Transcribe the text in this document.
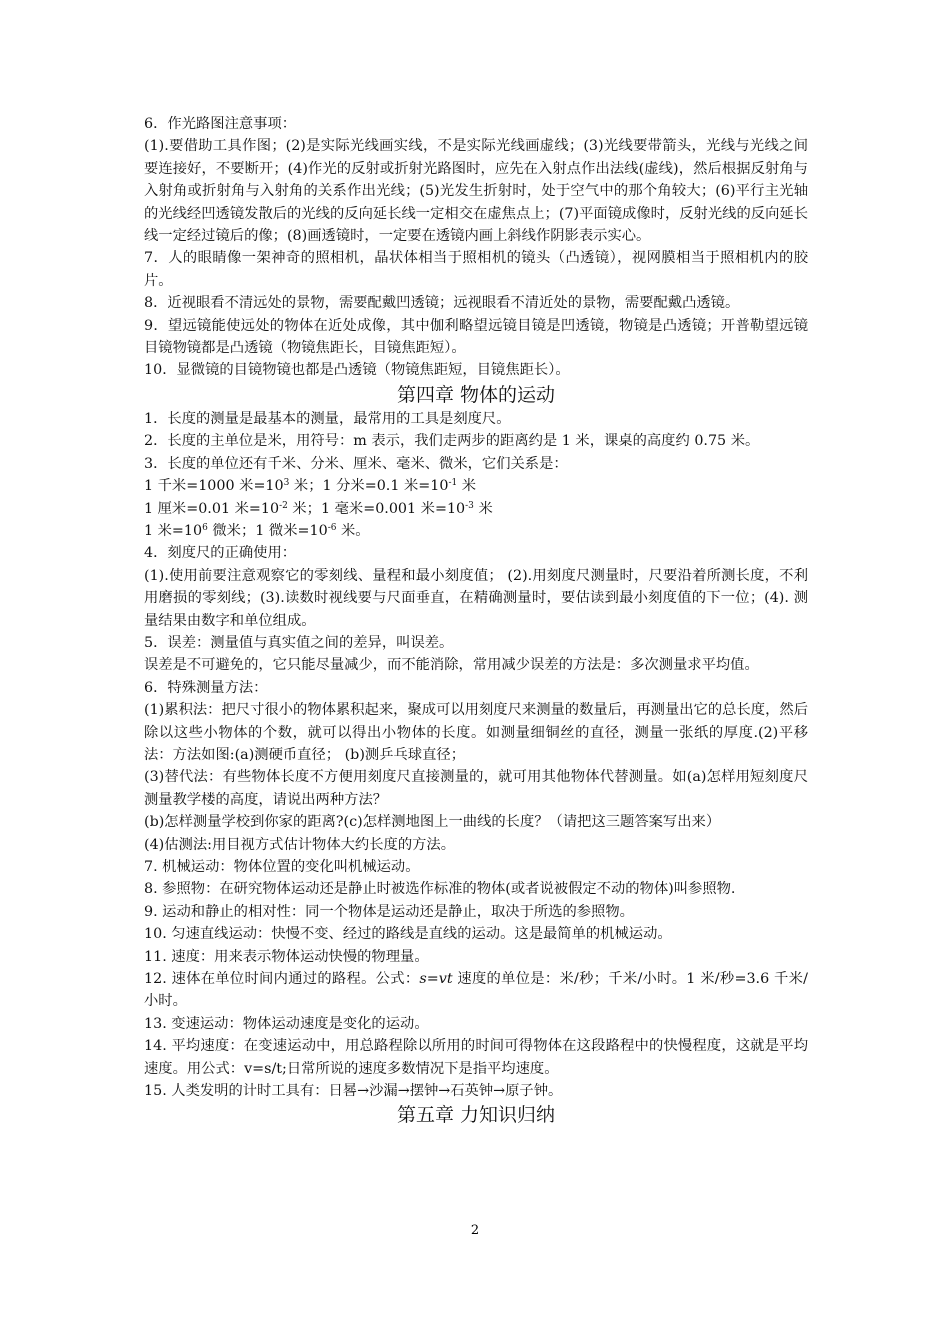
6．作光路图注意事项：

(1).要借助工具作图；(2)是实际光线画实线，不是实际光线画虚线；(3)光线要带箭头，光线与光线之间要连接好，不要断开；(4)作光的反射或折射光路图时，应先在入射点作出法线(虚线)，然后根据反射角与入射角或折射角与入射角的关系作出光线；(5)光发生折射时，处于空气中的那个角较大；(6)平行主光轴的光线经凹透镜发散后的光线的反向延长线一定相交在虚焦点上；(7)平面镜成像时，反射光线的反向延长线一定经过镜后的像；(8)画透镜时，一定要在透镜内画上斜线作阴影表示实心。

7．人的眼睛像一架神奇的照相机，晶状体相当于照相机的镜头（凸透镜），视网膜相当于照相机内的胶片。

8．近视眼看不清远处的景物，需要配戴凹透镜；远视眼看不清近处的景物，需要配戴凸透镜。

9．望远镜能使远处的物体在近处成像，其中伽利略望远镜目镜是凹透镜，物镜是凸透镜；开普勒望远镜目镜物镜都是凸透镜（物镜焦距长，目镜焦距短）。

10．显微镜的目镜物镜也都是凸透镜（物镜焦距短，目镜焦距长）。

第四章 物体的运动

1．长度的测量是最基本的测量，最常用的工具是刻度尺。

2．长度的主单位是米，用符号：m 表示，我们走两步的距离约是 1 米，课桌的高度约 0.75 米。

3．长度的单位还有千米、分米、厘米、毫米、微米，它们关系是：

1 千米=1000 米$=10^3$ 米；1 分米=0.1 米$=10^{-1}$ 米

1 厘米=0.01 米$=10^{-2}$ 米；1 毫米=0.001 米$=10^{-3}$ 米

1 米$=10^6$ 微米；1 微米$=10^{-6}$ 米。

4．刻度尺的正确使用：

(1).使用前要注意观察它的零刻线、量程和最小刻度值； (2).用刻度尺测量时，尺要沿着所测长度，不利用磨损的零刻线；(3).读数时视线要与尺面垂直，在精确测量时，要估读到最小刻度值的下一位；(4). 测量结果由数字和单位组成。

5．误差：测量值与真实值之间的差异，叫误差。

误差是不可避免的，它只能尽量减少，而不能消除，常用减少误差的方法是：多次测量求平均值。

6．特殊测量方法：

(1)累积法：把尺寸很小的物体累积起来，聚成可以用刻度尺来测量的数量后，再测量出它的总长度，然后除以这些小物体的个数，就可以得出小物体的长度。如测量细铜丝的直径，测量一张纸的厚度.(2)平移法：方法如图:(a)测硬币直径； (b)测乒乓球直径；

(3)替代法：有些物体长度不方便用刻度尺直接测量的，就可用其他物体代替测量。如(a)怎样用短刻度尺测量教学楼的高度，请说出两种方法？

(b)怎样测量学校到你家的距离?(c)怎样测地图上一曲线的长度？（请把这三题答案写出来）

(4)估测法:用目视方式估计物体大约长度的方法。

7. 机械运动：物体位置的变化叫机械运动。

8. 参照物：在研究物体运动还是静止时被选作标准的物体(或者说被假定不动的物体)叫参照物.

9. 运动和静止的相对性：同一个物体是运动还是静止，取决于所选的参照物。

10. 匀速直线运动：快慢不变、经过的路线是直线的运动。这是最简单的机械运动。

11. 速度：用来表示物体运动快慢的物理量。

12. 速体在单位时间内通过的路程。公式：s=vt 速度的单位是：米/秒；千米/小时。1 米/秒=3.6 千米/小时。

13. 变速运动：物体运动速度是变化的运动。

14. 平均速度：在变速运动中，用总路程除以所用的时间可得物体在这段路程中的快慢程度，这就是平均速度。用公式：v=s/t;日常所说的速度多数情况下是指平均速度。

15. 人类发明的计时工具有：日晷→沙漏→摆钟→石英钟→原子钟。

第五章 力知识归纳
2
